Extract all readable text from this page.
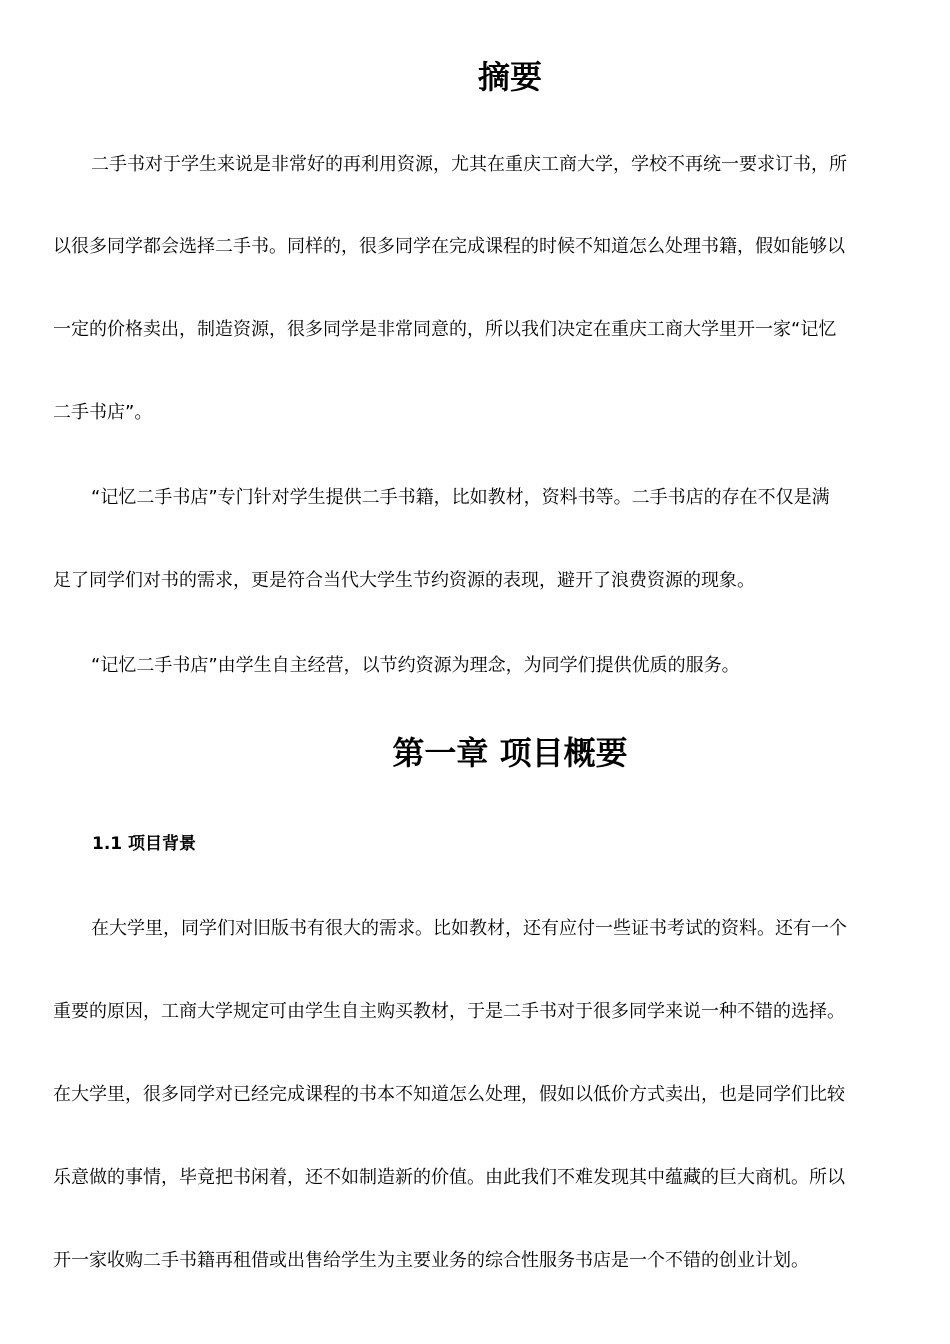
摘要

二手书对于学生来说是非常好的再利用资源，尤其在重庆工商大学，学校不再统一要求订书，所

以很多同学都会选择二手书。同样的，很多同学在完成课程的时候不知道怎么处理书籍，假如能够以

一定的价格卖出，制造资源，很多同学是非常同意的，所以我们决定在重庆工商大学里开一家“记忆

二手书店”。

“记忆二手书店”专门针对学生提供二手书籍，比如教材，资料书等。二手书店的存在不仅是满

足了同学们对书的需求，更是符合当代大学生节约资源的表现，避开了浪费资源的现象。

“记忆二手书店”由学生自主经营，以节约资源为理念，为同学们提供优质的服务。

第一章 项目概要
1.1 项目背景

在大学里，同学们对旧版书有很大的需求。比如教材，还有应付一些证书考试的资料。还有一个

重要的原因，工商大学规定可由学生自主购买教材，于是二手书对于很多同学来说一种不错的选择。

在大学里，很多同学对已经完成课程的书本不知道怎么处理，假如以低价方式卖出，也是同学们比较

乐意做的事情，毕竟把书闲着，还不如制造新的价值。由此我们不难发现其中蕴藏的巨大商机。所以

开一家收购二手书籍再租借或出售给学生为主要业务的综合性服务书店是一个不错的创业计划。
